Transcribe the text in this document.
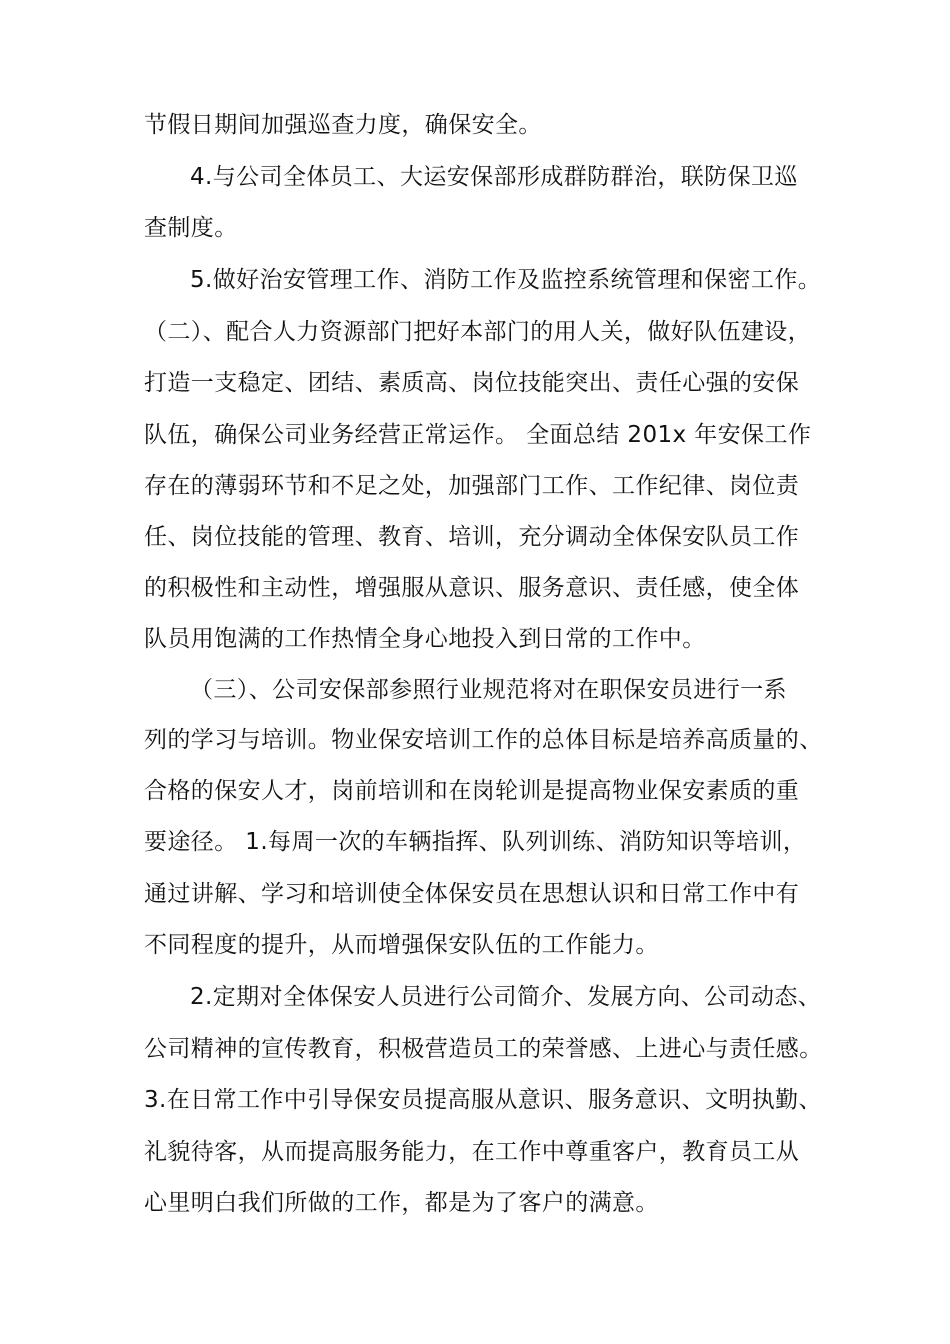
节假日期间加强巡查力度，确保安全。
4.与公司全体员工、大运安保部形成群防群治，联防保卫巡
查制度。
5.做好治安管理工作、消防工作及监控系统管理和保密工作。
（二）、配合人力资源部门把好本部门的用人关，做好队伍建设，
打造一支稳定、团结、素质高、岗位技能突出、责任心强的安保
队伍，确保公司业务经营正常运作。 全面总结 201x 年安保工作
存在的薄弱环节和不足之处，加强部门工作、工作纪律、岗位责
任、岗位技能的管理、教育、培训，充分调动全体保安队员工作
的积极性和主动性，增强服从意识、服务意识、责任感，使全体
队员用饱满的工作热情全身心地投入到日常的工作中。
（三）、公司安保部参照行业规范将对在职保安员进行一系
列的学习与培训。物业保安培训工作的总体目标是培养高质量的、
合格的保安人才，岗前培训和在岗轮训是提高物业保安素质的重
要途径。 1.每周一次的车辆指挥、队列训练、消防知识等培训，
通过讲解、学习和培训使全体保安员在思想认识和日常工作中有
不同程度的提升，从而增强保安队伍的工作能力。
2.定期对全体保安人员进行公司简介、发展方向、公司动态、
公司精神的宣传教育，积极营造员工的荣誉感、上进心与责任感。
3.在日常工作中引导保安员提高服从意识、服务意识、文明执勤、
礼貌待客，从而提高服务能力，在工作中尊重客户，教育员工从
心里明白我们所做的工作，都是为了客户的满意。
